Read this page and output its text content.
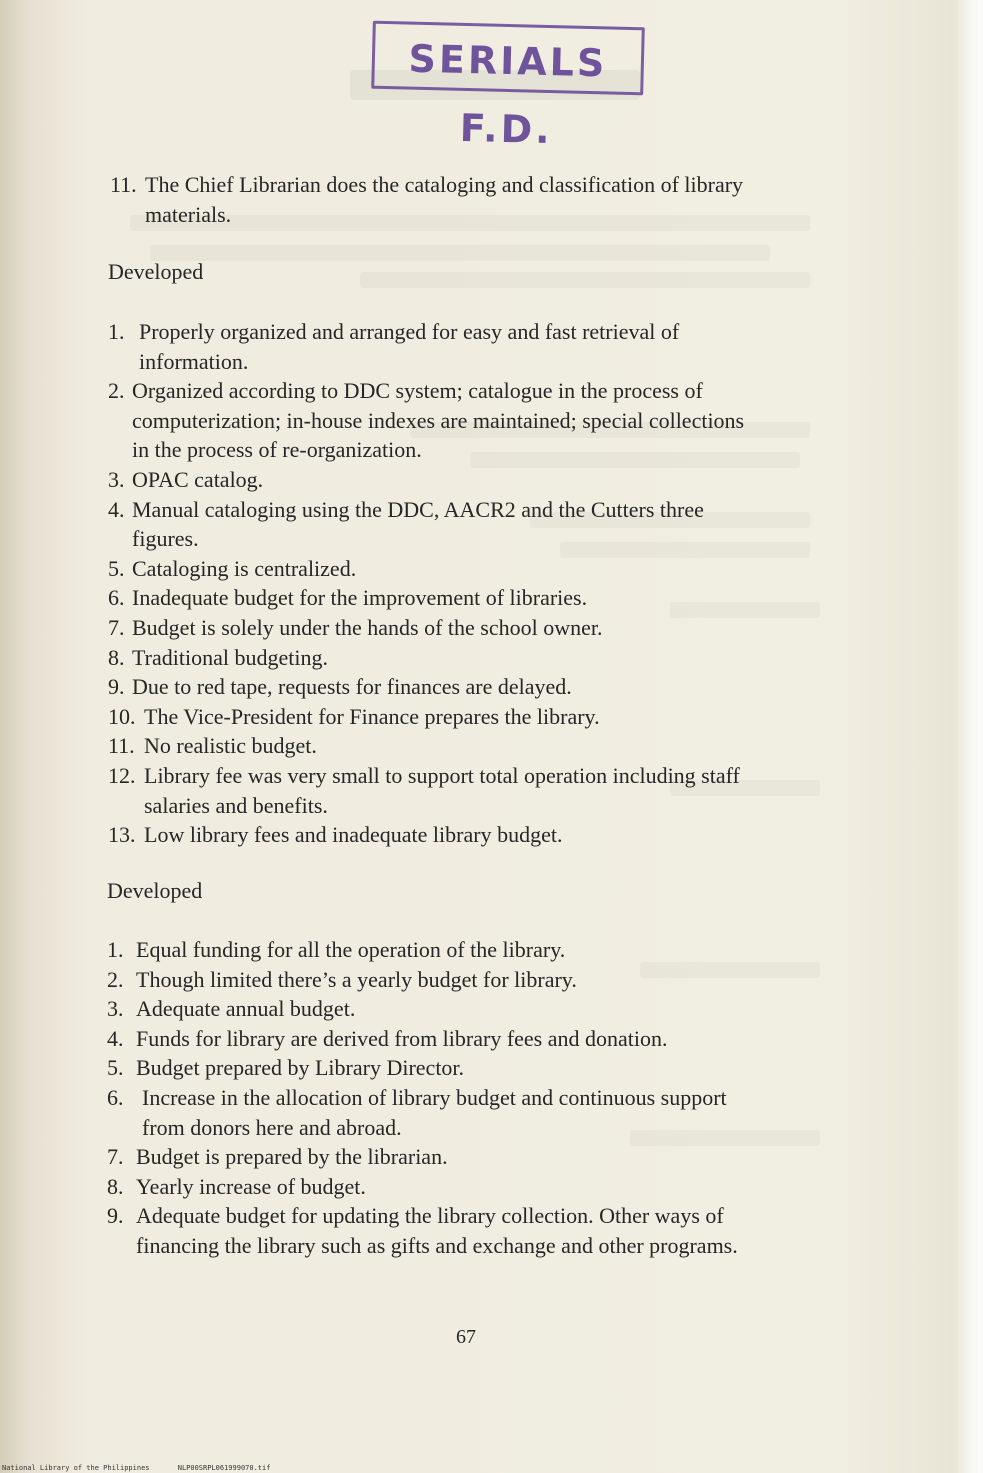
SERIALS F.D.
11. The Chief Librarian does the cataloging and classification of library
materials.
Developed
1. Properly organized and arranged for easy and fast retrieval of
information.
2. Organized according to DDC system; catalogue in the process of
computerization; in-house indexes are maintained; special collections
in the process of re-organization.
3. OPAC catalog.
4. Manual cataloging using the DDC, AACR2 and the Cutters three
figures.
5. Cataloging is centralized.
6. Inadequate budget for the improvement of libraries.
7. Budget is solely under the hands of the school owner.
8. Traditional budgeting.
9. Due to red tape, requests for finances are delayed.
10. The Vice-President for Finance prepares the library.
11. No realistic budget.
12. Library fee was very small to support total operation including staff
salaries and benefits.
13. Low library fees and inadequate library budget.
Developed
1. Equal funding for all the operation of the library.
2. Though limited there’s a yearly budget for library.
3. Adequate annual budget.
4. Funds for library are derived from library fees and donation.
5. Budget prepared by Library Director.
6. Increase in the allocation of library budget and continuous support
from donors here and abroad.
7. Budget is prepared by the librarian.
8. Yearly increase of budget.
9. Adequate budget for updating the library collection. Other ways of
financing the library such as gifts and exchange and other programs.
67
National Library of the Philippines	NLP00SRPL061999070.tif
